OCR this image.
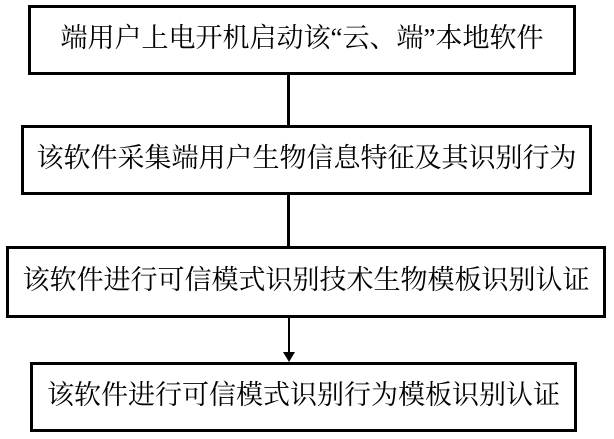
端用户上电开机启动该“云、端”本地软件
该软件采集端用户生物信息特征及其识别行为
该软件进行可信模式识别技术生物模板识别认证
该软件进行可信模式识别行为模板识别认证
